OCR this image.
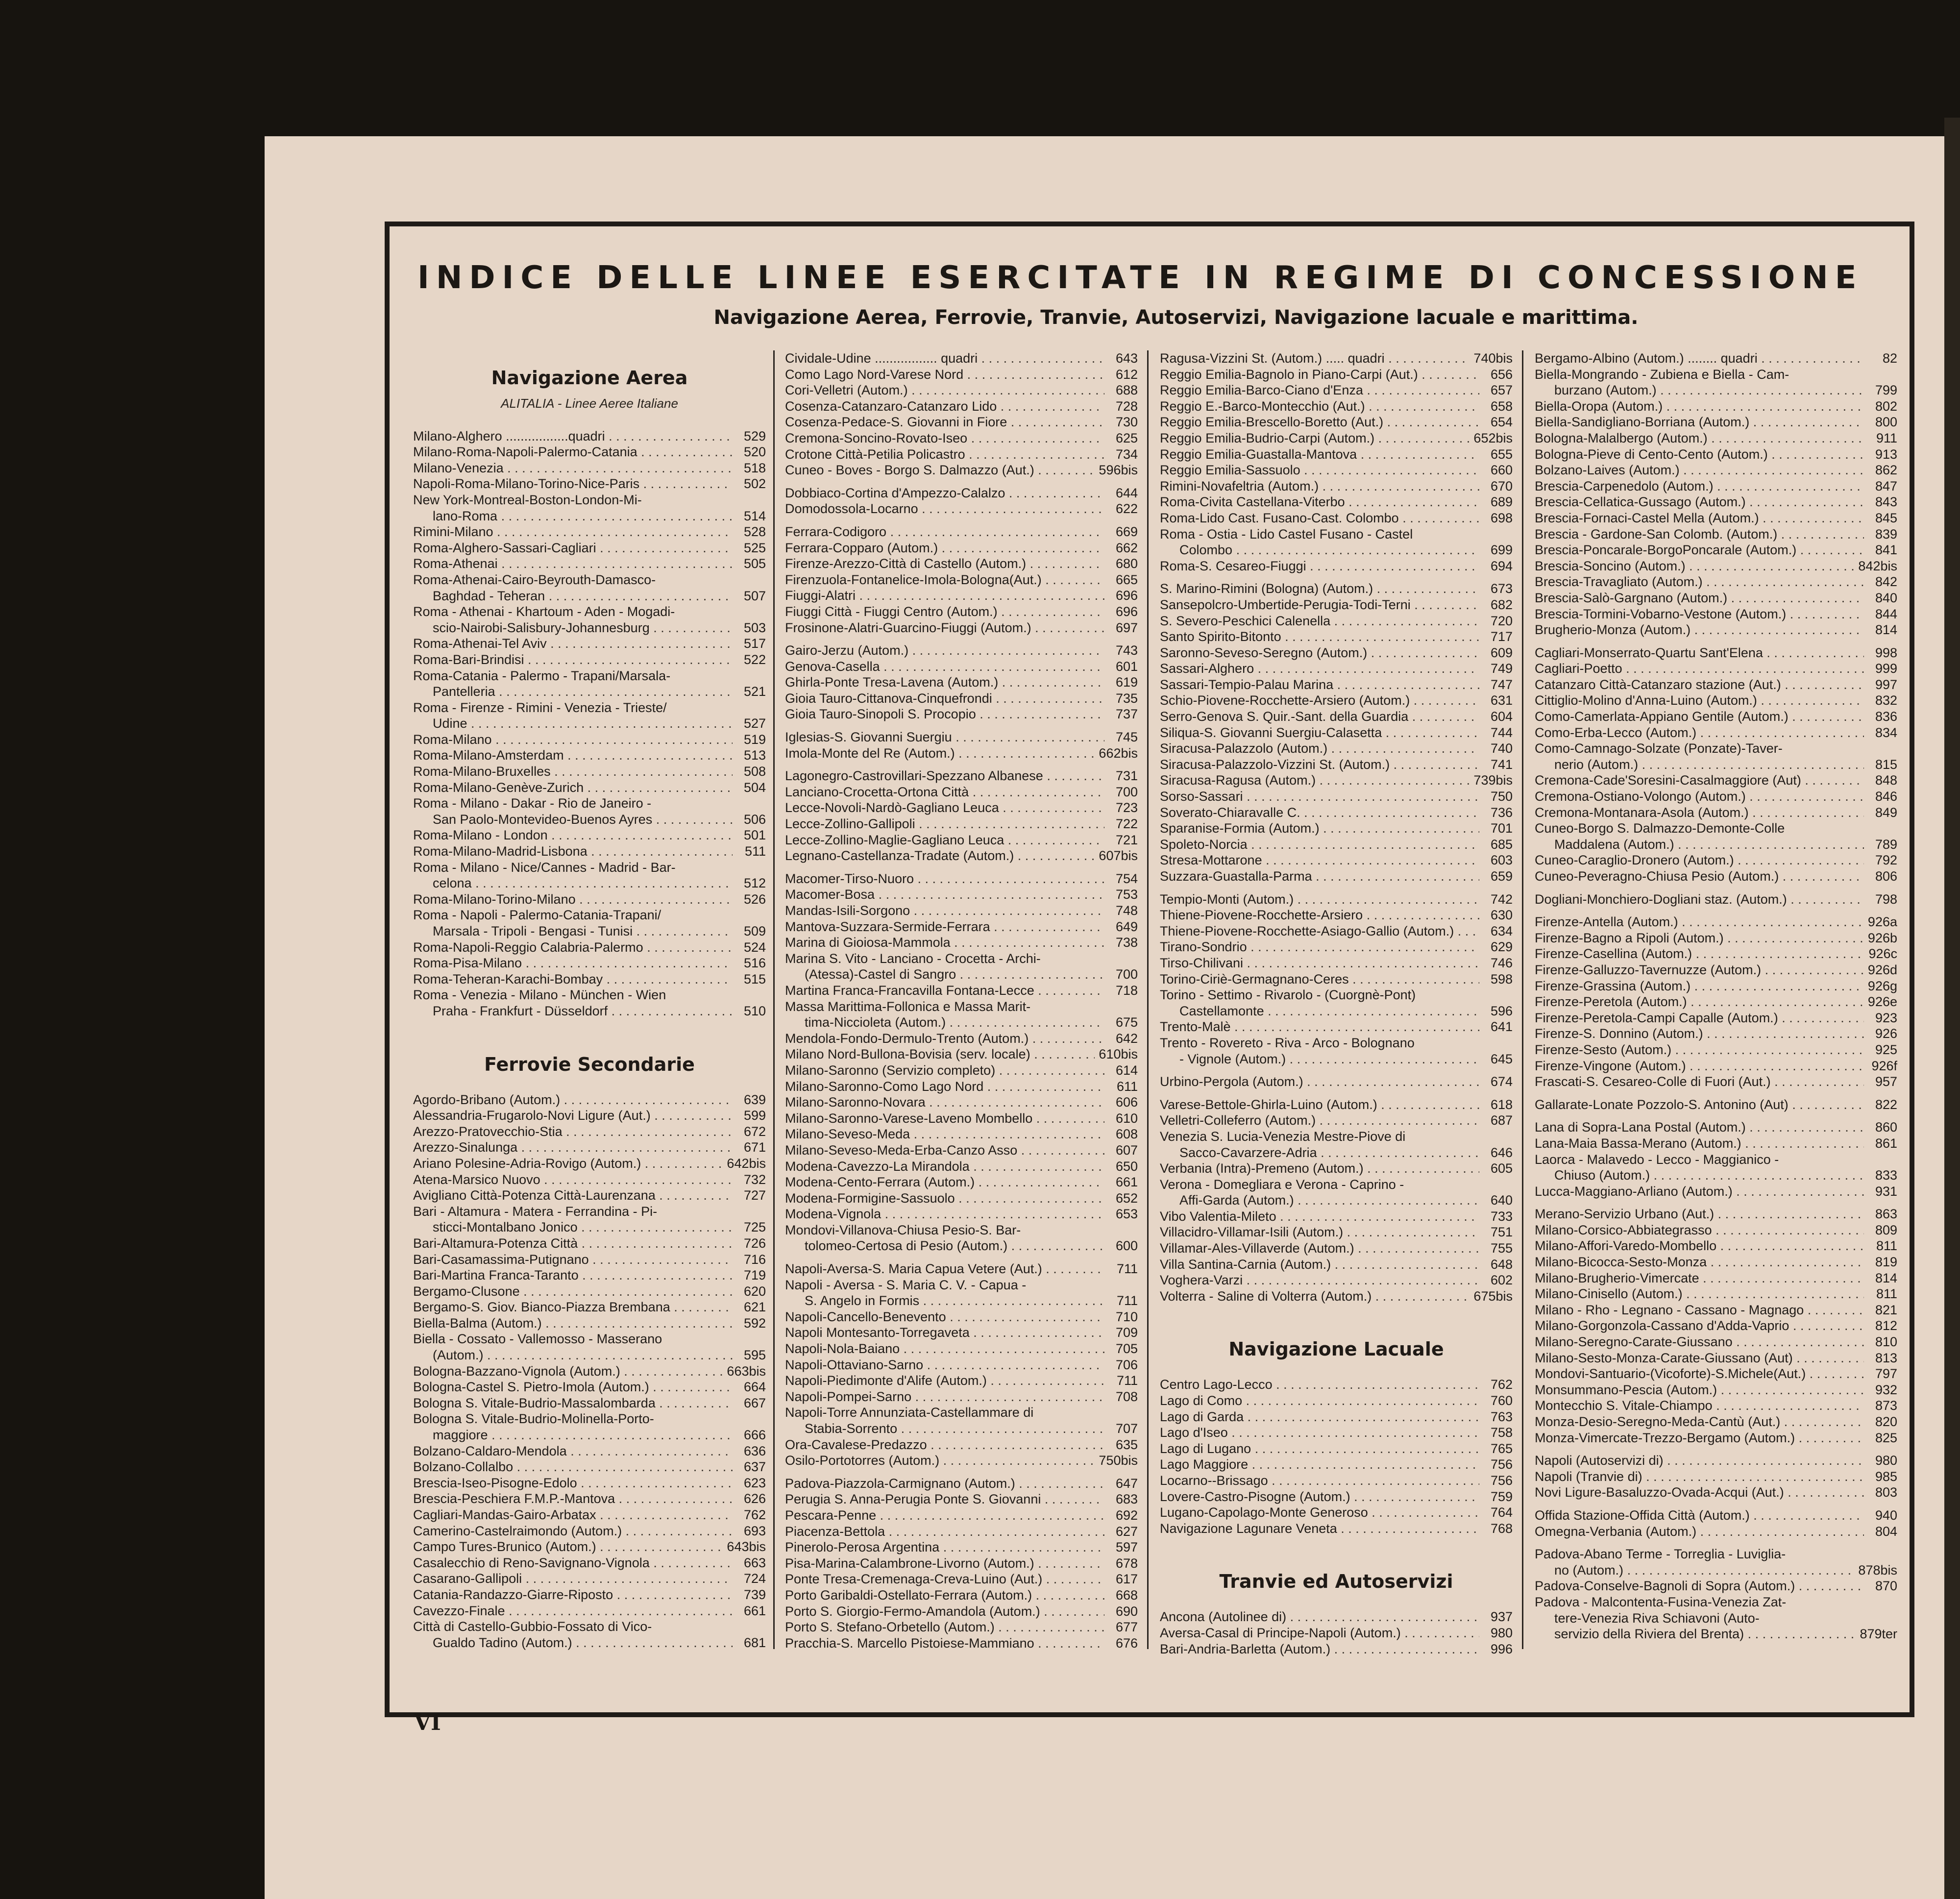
INDICE DELLE LINEE ESERCITATE IN REGIME DI CONCESSIONE
Navigazione Aerea, Ferrovie, Tranvie, Autoservizi, Navigazione lacuale e marittima.
Navigazione Aerea
ALITALIA - Linee Aeree Italiane
Milano-Alghero .................quadri . . .	529
Milano-Roma-Napoli-Palermo-Catania . . .	520
Milano-Venezia . . .	518
Napoli-Roma-Milano-Torino-Nice-Paris . . .	502
New York-Montreal-Boston-London-Mi-
lano-Roma . . .	514
Rimini-Milano . . .	528
Roma-Alghero-Sassari-Cagliari . . .	525
Roma-Athenai . . .	505
Roma-Athenai-Cairo-Beyrouth-Damasco-
Baghdad - Teheran . . .	507
Roma - Athenai - Khartoum - Aden - Mogadi-
scio-Nairobi-Salisbury-Johannesburg . . .	503
Roma-Athenai-Tel Aviv . . .	517
Roma-Bari-Brindisi . . .	522
Roma-Catania - Palermo - Trapani/Marsala-
Pantelleria . . .	521
Roma - Firenze - Rimini - Venezia - Trieste/
Udine . . .	527
Roma-Milano . . .	519
Roma-Milano-Amsterdam . . .	513
Roma-Milano-Bruxelles . . .	508
Roma-Milano-Genève-Zurich . . .	504
Roma - Milano - Dakar - Rio de Janeiro -
San Paolo-Montevideo-Buenos Ayres . . .	506
Roma-Milano - London . . .	501
Roma-Milano-Madrid-Lisbona . . .	511
Roma - Milano - Nice/Cannes - Madrid - Bar-
celona . . .	512
Roma-Milano-Torino-Milano . . .	526
Roma - Napoli - Palermo-Catania-Trapani/
Marsala - Tripoli - Bengasi - Tunisi . . .	509
Roma-Napoli-Reggio Calabria-Palermo . . .	524
Roma-Pisa-Milano . . .	516
Roma-Teheran-Karachi-Bombay . . .	515
Roma - Venezia - Milano - München - Wien
Praha - Frankfurt - Düsseldorf . . .	510
Ferrovie Secondarie
Agordo-Bribano (Autom.) . . .	639
Alessandria-Frugarolo-Novi Ligure (Aut.) . . .	599
Arezzo-Pratovecchio-Stia . . .	672
Arezzo-Sinalunga . . .	671
Ariano Polesine-Adria-Rovigo (Autom.) . . .	642bis
Atena-Marsico Nuovo . . .	732
Avigliano Città-Potenza Città-Laurenzana . . .	727
Bari - Altamura - Matera - Ferrandina - Pi-
sticci-Montalbano Jonico . . .	725
Bari-Altamura-Potenza Città . . .	726
Bari-Casamassima-Putignano . . .	716
Bari-Martina Franca-Taranto . . .	719
Bergamo-Clusone . . .	620
Bergamo-S. Giov. Bianco-Piazza Brembana . . .	621
Biella-Balma (Autom.) . . .	592
Biella - Cossato - Vallemosso - Masserano
(Autom.) . . .	595
Bologna-Bazzano-Vignola (Autom.) . . .	663bis
Bologna-Castel S. Pietro-Imola (Autom.) . . .	664
Bologna S. Vitale-Budrio-Massalombarda . . .	667
Bologna S. Vitale-Budrio-Molinella-Porto-
maggiore . . .	666
Bolzano-Caldaro-Mendola . . .	636
Bolzano-Collalbo . . .	637
Brescia-Iseo-Pisogne-Edolo . . .	623
Brescia-Peschiera F.M.P.-Mantova . . .	626
Cagliari-Mandas-Gairo-Arbatax . . .	762
Camerino-Castelraimondo (Autom.) . . .	693
Campo Tures-Brunico (Autom.) . . .	643bis
Casalecchio di Reno-Savignano-Vignola . . .	663
Casarano-Gallipoli . . .	724
Catania-Randazzo-Giarre-Riposto . . .	739
Cavezzo-Finale . . .	661
Città di Castello-Gubbio-Fossato di Vico-
Gualdo Tadino (Autom.) . . .	681
Cividale-Udine ................. quadri . . .	643
Como Lago Nord-Varese Nord . . .	612
Cori-Velletri (Autom.) . . .	688
Cosenza-Catanzaro-Catanzaro Lido . . .	728
Cosenza-Pedace-S. Giovanni in Fiore . . .	730
Cremona-Soncino-Rovato-Iseo . . .	625
Crotone Città-Petilia Policastro . . .	734
Cuneo - Boves - Borgo S. Dalmazzo (Aut.) . . .	596bis
Dobbiaco-Cortina d'Ampezzo-Calalzo . . .	644
Domodossola-Locarno . . .	622
Ferrara-Codigoro . . .	669
Ferrara-Copparo (Autom.) . . .	662
Firenze-Arezzo-Città di Castello (Autom.) . . .	680
Firenzuola-Fontanelice-Imola-Bologna(Aut.) . . .	665
Fiuggi-Alatri . . .	696
Fiuggi Città - Fiuggi Centro (Autom.) . . .	696
Frosinone-Alatri-Guarcino-Fiuggi (Autom.) . . .	697
Gairo-Jerzu (Autom.) . . .	743
Genova-Casella . . .	601
Ghirla-Ponte Tresa-Lavena (Autom.) . . .	619
Gioia Tauro-Cittanova-Cinquefrondi . . .	735
Gioia Tauro-Sinopoli S. Procopio . . .	737
Iglesias-S. Giovanni Suergiu . . .	745
Imola-Monte del Re (Autom.) . . .	662bis
Lagonegro-Castrovillari-Spezzano Albanese . . .	731
Lanciano-Crocetta-Ortona Città . . .	700
Lecce-Novoli-Nardò-Gagliano Leuca . . .	723
Lecce-Zollino-Gallipoli . . .	722
Lecce-Zollino-Maglie-Gagliano Leuca . . .	721
Legnano-Castellanza-Tradate (Autom.) . . .	607bis
Macomer-Tirso-Nuoro . . .	754
Macomer-Bosa . . .	753
Mandas-Isili-Sorgono . . .	748
Mantova-Suzzara-Sermide-Ferrara . . .	649
Marina di Gioiosa-Mammola . . .	738
Marina S. Vito - Lanciano - Crocetta - Archi-
(Atessa)-Castel di Sangro . . .	700
Martina Franca-Francavilla Fontana-Lecce . . .	718
Massa Marittima-Follonica e Massa Marit-
tima-Niccioleta (Autom.) . . .	675
Mendola-Fondo-Dermulo-Trento (Autom.) . . .	642
Milano Nord-Bullona-Bovisia (serv. locale) . . .	610bis
Milano-Saronno (Servizio completo) . . .	614
Milano-Saronno-Como Lago Nord . . .	611
Milano-Saronno-Novara . . .	606
Milano-Saronno-Varese-Laveno Mombello . . .	610
Milano-Seveso-Meda . . .	608
Milano-Seveso-Meda-Erba-Canzo Asso . . .	607
Modena-Cavezzo-La Mirandola . . .	650
Modena-Cento-Ferrara (Autom.) . . .	661
Modena-Formigine-Sassuolo . . .	652
Modena-Vignola . . .	653
Mondovi-Villanova-Chiusa Pesio-S. Bar-
tolomeo-Certosa di Pesio (Autom.) . . .	600
Napoli-Aversa-S. Maria Capua Vetere (Aut.) . . .	711
Napoli - Aversa - S. Maria C. V. - Capua -
S. Angelo in Formis . . .	711
Napoli-Cancello-Benevento . . .	710
Napoli Montesanto-Torregaveta . . .	709
Napoli-Nola-Baiano . . .	705
Napoli-Ottaviano-Sarno . . .	706
Napoli-Piedimonte d'Alife (Autom.) . . .	711
Napoli-Pompei-Sarno . . .	708
Napoli-Torre Annunziata-Castellammare di
Stabia-Sorrento . . .	707
Ora-Cavalese-Predazzo . . .	635
Osilo-Portotorres (Autom.) . . .	750bis
Padova-Piazzola-Carmignano (Autom.) . . .	647
Perugia S. Anna-Perugia Ponte S. Giovanni . . .	683
Pescara-Penne . . .	692
Piacenza-Bettola . . .	627
Pinerolo-Perosa Argentina . . .	597
Pisa-Marina-Calambrone-Livorno (Autom.) . . .	678
Ponte Tresa-Cremenaga-Creva-Luino (Aut.) . . .	617
Porto Garibaldi-Ostellato-Ferrara (Autom.) . . .	668
Porto S. Giorgio-Fermo-Amandola (Autom.) . . .	690
Porto S. Stefano-Orbetello (Autom.) . . .	677
Pracchia-S. Marcello Pistoiese-Mammiano . . .	676
Ragusa-Vizzini St. (Autom.) ..... quadri . . .	740bis
Reggio Emilia-Bagnolo in Piano-Carpi (Aut.) . . .	656
Reggio Emilia-Barco-Ciano d'Enza . . .	657
Reggio E.-Barco-Montecchio (Aut.) . . .	658
Reggio Emilia-Brescello-Boretto (Aut.) . . .	654
Reggio Emilia-Budrio-Carpi (Autom.) . . .	652bis
Reggio Emilia-Guastalla-Mantova . . .	655
Reggio Emilia-Sassuolo . . .	660
Rimini-Novafeltria (Autom.) . . .	670
Roma-Civita Castellana-Viterbo . . .	689
Roma-Lido Cast. Fusano-Cast. Colombo . . .	698
Roma - Ostia - Lido Castel Fusano - Castel
Colombo . . .	699
Roma-S. Cesareo-Fiuggi . . .	694
S. Marino-Rimini (Bologna) (Autom.) . . .	673
Sansepolcro-Umbertide-Perugia-Todi-Terni . . .	682
S. Severo-Peschici Calenella . . .	720
Santo Spirito-Bitonto . . .	717
Saronno-Seveso-Seregno (Autom.) . . .	609
Sassari-Alghero . . .	749
Sassari-Tempio-Palau Marina . . .	747
Schio-Piovene-Rocchette-Arsiero (Autom.) . . .	631
Serro-Genova S. Quir.-Sant. della Guardia . . .	604
Siliqua-S. Giovanni Suergiu-Calasetta . . .	744
Siracusa-Palazzolo (Autom.) . . .	740
Siracusa-Palazzolo-Vizzini St. (Autom.) . . .	741
Siracusa-Ragusa (Autom.) . . .	739bis
Sorso-Sassari . . .	750
Soverato-Chiaravalle C. . . .	736
Sparanise-Formia (Autom.) . . .	701
Spoleto-Norcia . . .	685
Stresa-Mottarone . . .	603
Suzzara-Guastalla-Parma . . .	659
Tempio-Monti (Autom.) . . .	742
Thiene-Piovene-Rocchette-Arsiero . . .	630
Thiene-Piovene-Rocchette-Asiago-Gallio (Autom.) . . .	634
Tirano-Sondrio . . .	629
Tirso-Chilivani . . .	746
Torino-Ciriè-Germagnano-Ceres . . .	598
Torino - Settimo - Rivarolo - (Cuorgnè-Pont)
Castellamonte . . .	596
Trento-Malè . . .	641
Trento - Rovereto - Riva - Arco - Bolognano
- Vignole (Autom.) . . .	645
Urbino-Pergola (Autom.) . . .	674
Varese-Bettole-Ghirla-Luino (Autom.) . . .	618
Velletri-Colleferro (Autom.) . . .	687
Venezia S. Lucia-Venezia Mestre-Piove di
Sacco-Cavarzere-Adria . . .	646
Verbania (Intra)-Premeno (Autom.) . . .	605
Verona - Domegliara e Verona - Caprino -
Affi-Garda (Autom.) . . .	640
Vibo Valentia-Mileto . . .	733
Villacidro-Villamar-Isili (Autom.) . . .	751
Villamar-Ales-Villaverde (Autom.) . . .	755
Villa Santina-Carnia (Autom.) . . .	648
Voghera-Varzi . . .	602
Volterra - Saline di Volterra (Autom.) . . .	675bis
Navigazione Lacuale
Centro Lago-Lecco . . .	762
Lago di Como . . .	760
Lago di Garda . . .	763
Lago d'Iseo . . .	758
Lago di Lugano . . .	765
Lago Maggiore . . .	756
Locarno--Brissago . . .	756
Lovere-Castro-Pisogne (Autom.) . . .	759
Lugano-Capolago-Monte Generoso . . .	764
Navigazione Lagunare Veneta . . .	768
Tranvie ed Autoservizi
Ancona (Autolinee di) . . .	937
Aversa-Casal di Principe-Napoli (Autom.) . . .	980
Bari-Andria-Barletta (Autom.) . . .	996
Bergamo-Albino (Autom.) ........ quadri . . .	82
Biella-Mongrando - Zubiena e Biella - Cam-
burzano (Autom.) . . .	799
Biella-Oropa (Autom.) . . .	802
Biella-Sandigliano-Borriana (Autom.) . . .	800
Bologna-Malalbergo (Autom.) . . .	911
Bologna-Pieve di Cento-Cento (Autom.) . . .	913
Bolzano-Laives (Autom.) . . .	862
Brescia-Carpenedolo (Autom.) . . .	847
Brescia-Cellatica-Gussago (Autom.) . . .	843
Brescia-Fornaci-Castel Mella (Autom.) . . .	845
Brescia - Gardone-San Colomb. (Autom.) . . .	839
Brescia-Poncarale-BorgoPoncarale (Autom.) . . .	841
Brescia-Soncino (Autom.) . . .	842bis
Brescia-Travagliato (Autom.) . . .	842
Brescia-Salò-Gargnano (Autom.) . . .	840
Brescia-Tormini-Vobarno-Vestone (Autom.) . . .	844
Brugherio-Monza (Autom.) . . .	814
Cagliari-Monserrato-Quartu Sant'Elena . . .	998
Cagliari-Poetto . . .	999
Catanzaro Città-Catanzaro stazione (Aut.) . . .	997
Cittiglio-Molino d'Anna-Luino (Autom.) . . .	832
Como-Camerlata-Appiano Gentile (Autom.) . . .	836
Como-Erba-Lecco (Autom.) . . .	834
Como-Camnago-Solzate (Ponzate)-Taver-
nerio (Autom.) . . .	815
Cremona-Cade'Soresini-Casalmaggiore (Aut) . . .	848
Cremona-Ostiano-Volongo (Autom.) . . .	846
Cremona-Montanara-Asola (Autom.) . . .	849
Cuneo-Borgo S. Dalmazzo-Demonte-Colle
Maddalena (Autom.) . . .	789
Cuneo-Caraglio-Dronero (Autom.) . . .	792
Cuneo-Peveragno-Chiusa Pesio (Autom.) . . .	806
Dogliani-Monchiero-Dogliani staz. (Autom.) . . .	798
Firenze-Antella (Autom.) . . .	926a
Firenze-Bagno a Ripoli (Autom.) . . .	926b
Firenze-Casellina (Autom.) . . .	926c
Firenze-Galluzzo-Tavernuzze (Autom.) . . .	926d
Firenze-Grassina (Autom.) . . .	926g
Firenze-Peretola (Autom.) . . .	926e
Firenze-Peretola-Campi Capalle (Autom.) . . .	923
Firenze-S. Donnino (Autom.) . . .	926
Firenze-Sesto (Autom.) . . .	925
Firenze-Vingone (Autom.) . . .	926f
Frascati-S. Cesareo-Colle di Fuori (Aut.) . . .	957
Gallarate-Lonate Pozzolo-S. Antonino (Aut) . . .	822
Lana di Sopra-Lana Postal (Autom.) . . .	860
Lana-Maia Bassa-Merano (Autom.) . . .	861
Laorca - Malavedo - Lecco - Maggianico -
Chiuso (Autom.) . . .	833
Lucca-Maggiano-Arliano (Autom.) . . .	931
Merano-Servizio Urbano (Aut.) . . .	863
Milano-Corsico-Abbiategrasso . . .	809
Milano-Affori-Varedo-Mombello . . .	811
Milano-Bicocca-Sesto-Monza . . .	819
Milano-Brugherio-Vimercate . . .	814
Milano-Cinisello (Autom.) . . .	811
Milano - Rho - Legnano - Cassano - Magnago . . .	821
Milano-Gorgonzola-Cassano d'Adda-Vaprio . . .	812
Milano-Seregno-Carate-Giussano . . .	810
Milano-Sesto-Monza-Carate-Giussano (Aut) . . .	813
Mondovi-Santuario-(Vicoforte)-S.Michele(Aut.) . . .	797
Monsummano-Pescia (Autom.) . . .	932
Montecchio S. Vitale-Chiampo . . .	873
Monza-Desio-Seregno-Meda-Cantù (Aut.) . . .	820
Monza-Vimercate-Trezzo-Bergamo (Autom.) . . .	825
Napoli (Autoservizi di) . . .	980
Napoli (Tranvie di) . . .	985
Novi Ligure-Basaluzzo-Ovada-Acqui (Aut.) . . .	803
Offida Stazione-Offida Città (Autom.) . . .	940
Omegna-Verbania (Autom.) . . .	804
Padova-Abano Terme - Torreglia - Luviglia-
no (Autom.) . . .	878bis
Padova-Conselve-Bagnoli di Sopra (Autom.) . . .	870
Padova - Malcontenta-Fusina-Venezia Zat-
tere-Venezia Riva Schiavoni (Auto-
servizio della Riviera del Brenta) . . .	879ter
VI
